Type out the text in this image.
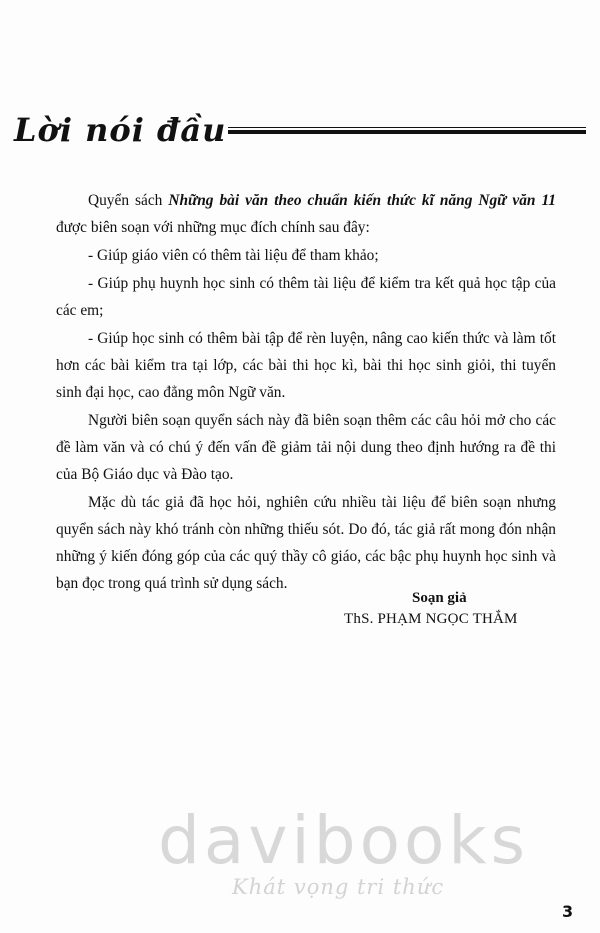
Lời nói đầu

Quyển sách Những bài văn theo chuẩn kiến thức kĩ năng Ngữ văn 11 được biên soạn với những mục đích chính sau đây:

- Giúp giáo viên có thêm tài liệu để tham khảo;

- Giúp phụ huynh học sinh có thêm tài liệu để kiểm tra kết quả học tập của các em;

- Giúp học sinh có thêm bài tập để rèn luyện, nâng cao kiến thức và làm tốt hơn các bài kiểm tra tại lớp, các bài thi học kì, bài thi học sinh giỏi, thi tuyển sinh đại học, cao đẳng môn Ngữ văn.

Người biên soạn quyển sách này đã biên soạn thêm các câu hỏi mở cho các đề làm văn và có chú ý đến vấn đề giảm tải nội dung theo định hướng ra đề thi của Bộ Giáo dục và Đào tạo.

Mặc dù tác giả đã học hỏi, nghiên cứu nhiều tài liệu để biên soạn nhưng quyển sách này khó tránh còn những thiếu sót. Do đó, tác giả rất mong đón nhận những ý kiến đóng góp của các quý thầy cô giáo, các bậc phụ huynh học sinh và bạn đọc trong quá trình sử dụng sách.

Soạn giả
ThS. PHẠM NGỌC THẮM
davibooks
Khát vọng tri thức
3
